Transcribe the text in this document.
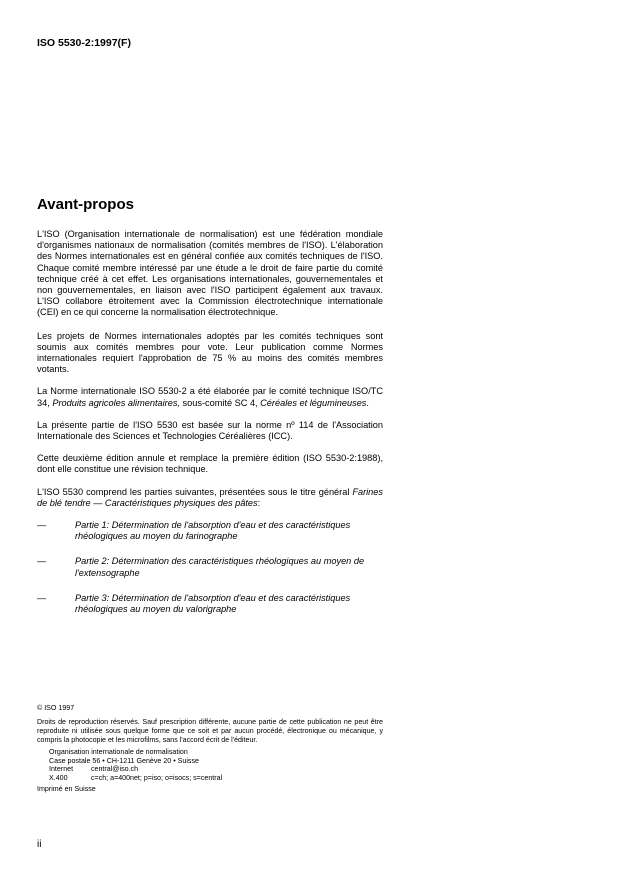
ISO 5530-2:1997(F)
Avant-propos

L'ISO (Organisation internationale de normalisation) est une fédération mondiale d'organismes nationaux de normalisation (comités membres de l'ISO). L'élaboration des Normes internationales est en général confiée aux comités techniques de l'ISO. Chaque comité membre intéressé par une étude a le droit de faire partie du comité technique créé à cet effet. Les organisations internationales, gouvernementales et non gouvernementales, en liaison avec l'ISO participent également aux travaux. L'ISO collabore étroitement avec la Commission électrotechnique internationale (CEI) en ce qui concerne la normalisation électrotechnique.

Les projets de Normes internationales adoptés par les comités techniques sont soumis aux comités membres pour vote. Leur publication comme Normes internationales requiert l'approbation de 75 % au moins des comités membres votants.

La Norme internationale ISO 5530-2 a été élaborée par le comité technique ISO/TC 34, Produits agricoles alimentaires, sous-comité SC 4, Céréales et légumineuses.

La présente partie de l'ISO 5530 est basée sur la norme nº 114 de l'Association Internationale des Sciences et Technologies Céréalières (ICC).

Cette deuxième édition annule et remplace la première édition (ISO 5530-2:1988), dont elle constitue une révision technique.

L'ISO 5530 comprend les parties suivantes, présentées sous le titre général Farines de blé tendre — Caractéristiques physiques des pâtes:

—	Partie 1: Détermination de l'absorption d'eau et des caractéristiques rhéologiques au moyen du farinographe
—	Partie 2: Détermination des caractéristiques rhéologiques au moyen de l'extensographe
—	Partie 3: Détermination de l'absorption d'eau et des caractéristiques rhéologiques au moyen du valorigraphe

© ISO 1997

Droits de reproduction réservés. Sauf prescription différente, aucune partie de cette publication ne peut être reproduite ni utilisée sous quelque forme que ce soit et par aucun procédé, électronique ou mécanique, y compris la photocopie et les microfilms, sans l'accord écrit de l'éditeur.

Organisation internationale de normalisation
Case postale 56 • CH-1211 Genève 20 • Suisse
Internet	central@iso.ch
X.400	c=ch; a=400net; p=iso; o=isocs; s=central

Imprimé en Suisse

ii
